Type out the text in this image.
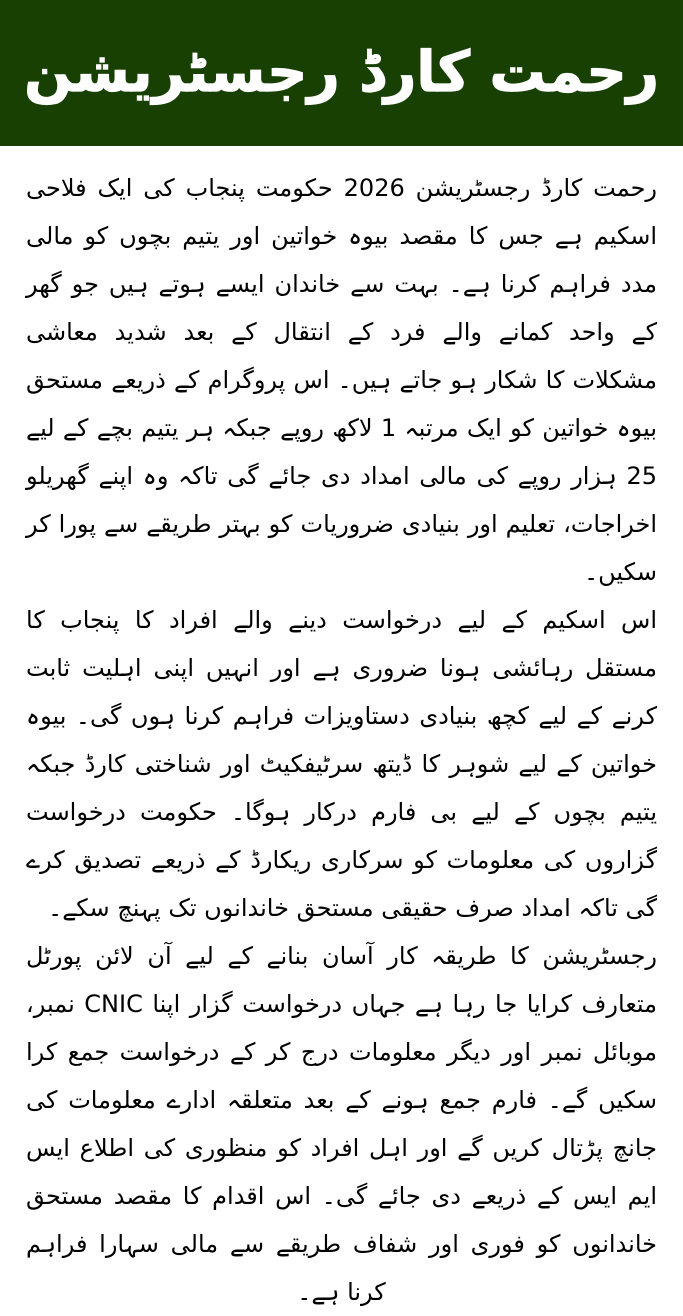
رحمت کارڈ رجسٹریشن

رحمت کارڈ رجسٹریشن 2026 حکومت پنجاب کی ایک فلاحی اسکیم ہے جس کا مقصد بیوہ خواتین اور یتیم بچوں کو مالی مدد فراہم کرنا ہے۔ بہت سے خاندان ایسے ہوتے ہیں جو گھر کے واحد کمانے والے فرد کے انتقال کے بعد شدید معاشی مشکلات کا شکار ہو جاتے ہیں۔ اس پروگرام کے ذریعے مستحق بیوہ خواتین کو ایک مرتبہ 1 لاکھ روپے جبکہ ہر یتیم بچے کے لیے 25 ہزار روپے کی مالی امداد دی جائے گی تاکہ وہ اپنے گھریلو اخراجات، تعلیم اور بنیادی ضروریات کو بہتر طریقے سے پورا کر سکیں۔

اس اسکیم کے لیے درخواست دینے والے افراد کا پنجاب کا مستقل رہائشی ہونا ضروری ہے اور انہیں اپنی اہلیت ثابت کرنے کے لیے کچھ بنیادی دستاویزات فراہم کرنا ہوں گی۔ بیوہ خواتین کے لیے شوہر کا ڈیتھ سرٹیفکیٹ اور شناختی کارڈ جبکہ یتیم بچوں کے لیے بی فارم درکار ہوگا۔ حکومت درخواست گزاروں کی معلومات کو سرکاری ریکارڈ کے ذریعے تصدیق کرے گی تاکہ امداد صرف حقیقی مستحق خاندانوں تک پہنچ سکے۔

رجسٹریشن کا طریقہ کار آسان بنانے کے لیے آن لائن پورٹل متعارف کرایا جا رہا ہے جہاں درخواست گزار اپنا CNIC نمبر، موبائل نمبر اور دیگر معلومات درج کر کے درخواست جمع کرا سکیں گے۔ فارم جمع ہونے کے بعد متعلقہ ادارے معلومات کی جانچ پڑتال کریں گے اور اہل افراد کو منظوری کی اطلاع ایس ایم ایس کے ذریعے دی جائے گی۔ اس اقدام کا مقصد مستحق خاندانوں کو فوری اور شفاف طریقے سے مالی سہارا فراہم کرنا ہے۔
